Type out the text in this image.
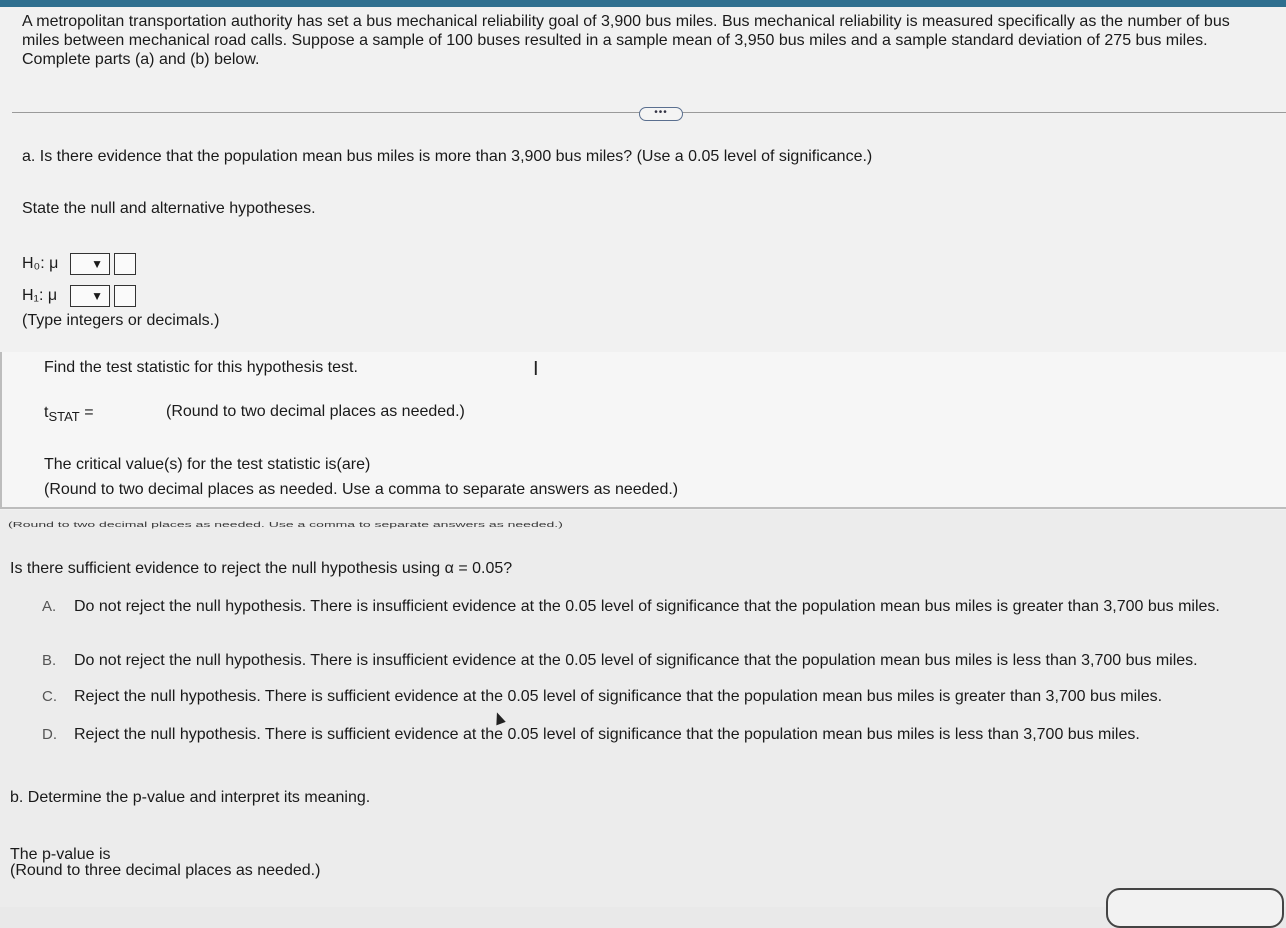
A metropolitan transportation authority has set a bus mechanical reliability goal of 3,900 bus miles. Bus mechanical reliability is measured specifically as the number of bus miles between mechanical road calls. Suppose a sample of 100 buses resulted in a sample mean of 3,950 bus miles and a sample standard deviation of 275 bus miles. Complete parts (a) and (b) below.
•••
a. Is there evidence that the population mean bus miles is more than 3,900 bus miles? (Use a 0.05 level of significance.)
State the null and alternative hypotheses.
H₀: μ	▼
H₁: μ	▼
(Type integers or decimals.)
Find the test statistic for this hypothesis test.	I
$t_{STAT}$ =	(Round to two decimal places as needed.)
The critical value(s) for the test statistic is(are)
(Round to two decimal places as needed. Use a comma to separate answers as needed.)
(Round to two decimal places as needed. Use a comma to separate answers as needed.)
Is there sufficient evidence to reject the null hypothesis using α = 0.05?
A. Do not reject the null hypothesis. There is insufficient evidence at the 0.05 level of significance that the population mean bus miles is greater than 3,700 bus miles.
B. Do not reject the null hypothesis. There is insufficient evidence at the 0.05 level of significance that the population mean bus miles is less than 3,700 bus miles.
C. Reject the null hypothesis. There is sufficient evidence at the 0.05 level of significance that the population mean bus miles is greater than 3,700 bus miles.
D. Reject the null hypothesis. There is sufficient evidence at the 0.05 level of significance that the population mean bus miles is less than 3,700 bus miles.
b. Determine the p-value and interpret its meaning.
The p-value is
(Round to three decimal places as needed.)
